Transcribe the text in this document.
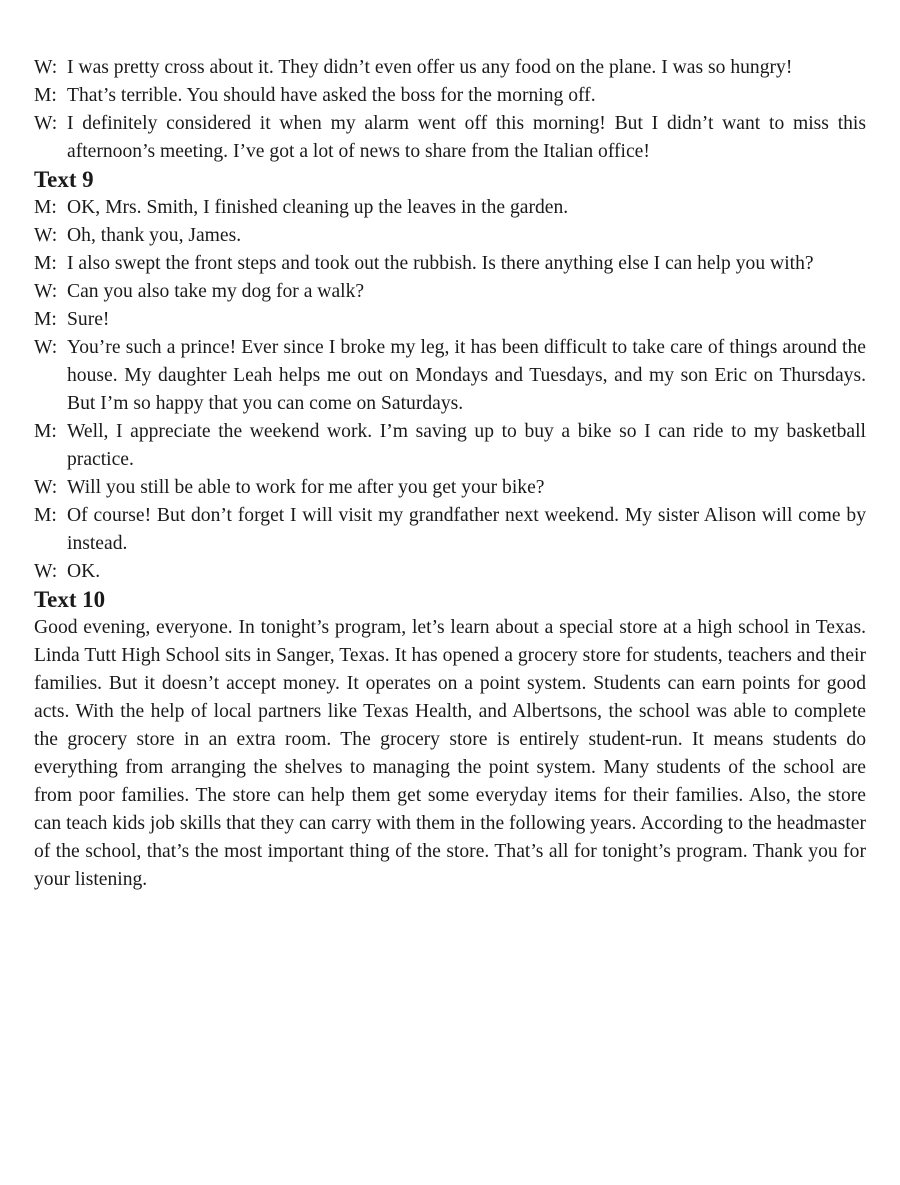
W: I was pretty cross about it. They didn’t even offer us any food on the plane. I was so hungry!

M: That’s terrible. You should have asked the boss for the morning off.

W: I definitely considered it when my alarm went off this morning! But I didn’t want to miss this afternoon’s meeting. I’ve got a lot of news to share from the Italian office!

Text 9

M: OK, Mrs. Smith, I finished cleaning up the leaves in the garden.

W: Oh, thank you, James.

M: I also swept the front steps and took out the rubbish. Is there anything else I can help you with?

W: Can you also take my dog for a walk?

M: Sure!

W: You’re such a prince! Ever since I broke my leg, it has been difficult to take care of things around the house. My daughter Leah helps me out on Mondays and Tuesdays, and my son Eric on Thursdays. But I’m so happy that you can come on Saturdays.

M: Well, I appreciate the weekend work. I’m saving up to buy a bike so I can ride to my basketball practice.

W: Will you still be able to work for me after you get your bike?

M: Of course! But don’t forget I will visit my grandfather next weekend. My sister Alison will come by instead.

W: OK.

Text 10

Good evening, everyone. In tonight’s program, let’s learn about a special store at a high school in Texas. Linda Tutt High School sits in Sanger, Texas. It has opened a grocery store for students, teachers and their families. But it doesn’t accept money. It operates on a point system. Students can earn points for good acts. With the help of local partners like Texas Health, and Albertsons, the school was able to complete the grocery store in an extra room. The grocery store is entirely student-run. It means students do everything from arranging the shelves to managing the point system. Many students of the school are from poor families. The store can help them get some everyday items for their families. Also, the store can teach kids job skills that they can carry with them in the following years. According to the headmaster of the school, that’s the most important thing of the store. That’s all for tonight’s program. Thank you for your listening.
